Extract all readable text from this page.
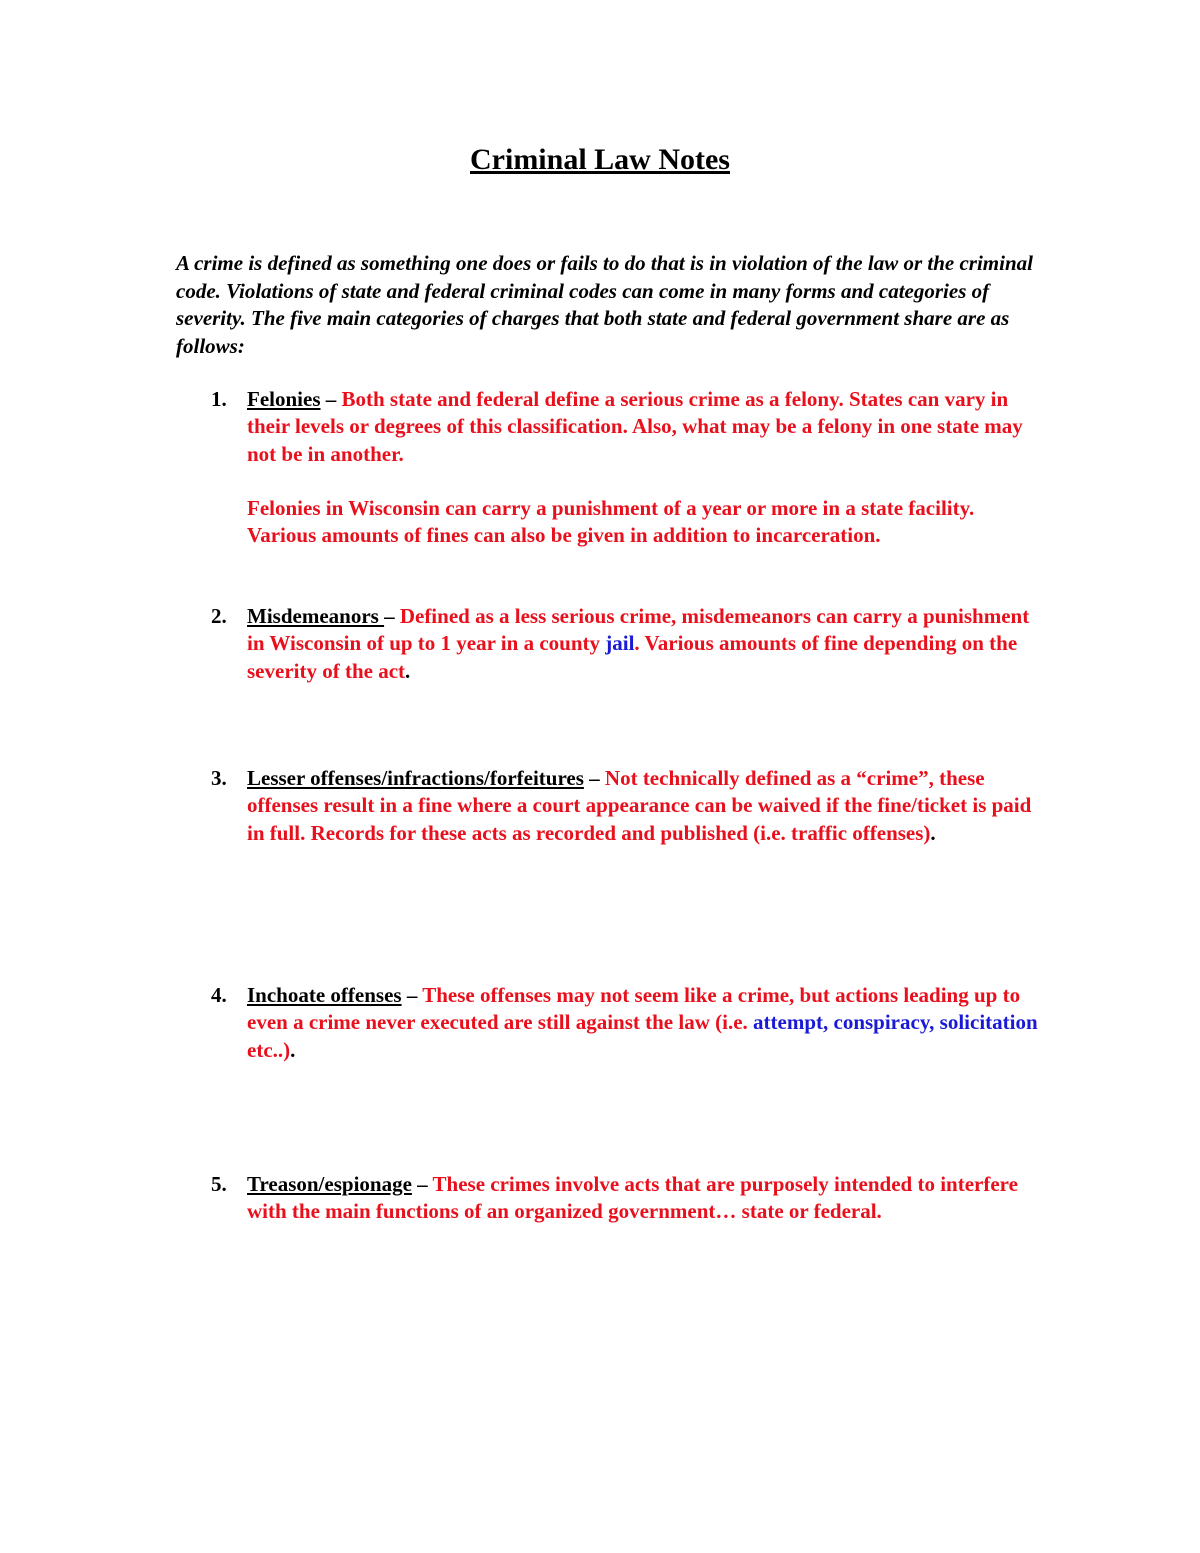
Criminal Law Notes

A crime is defined as something one does or fails to do that is in violation of the law or the criminal code. Violations of state and federal criminal codes can come in many forms and categories of severity. The five main categories of charges that both state and federal government share are as follows:

1. Felonies – Both state and federal define a serious crime as a felony. States can vary in their levels or degrees of this classification. Also, what may be a felony in one state may not be in another.
Felonies in Wisconsin can carry a punishment of a year or more in a state facility. Various amounts of fines can also be given in addition to incarceration.
2. Misdemeanors – Defined as a less serious crime, misdemeanors can carry a punishment in Wisconsin of up to 1 year in a county jail. Various amounts of fine depending on the severity of the act.
3. Lesser offenses/infractions/forfeitures – Not technically defined as a “crime”, these offenses result in a fine where a court appearance can be waived if the fine/ticket is paid in full. Records for these acts as recorded and published (i.e. traffic offenses).
4. Inchoate offenses – These offenses may not seem like a crime, but actions leading up to even a crime never executed are still against the law (i.e. attempt, conspiracy, solicitation etc..).
5. Treason/espionage – These crimes involve acts that are purposely intended to interfere with the main functions of an organized government… state or federal.
